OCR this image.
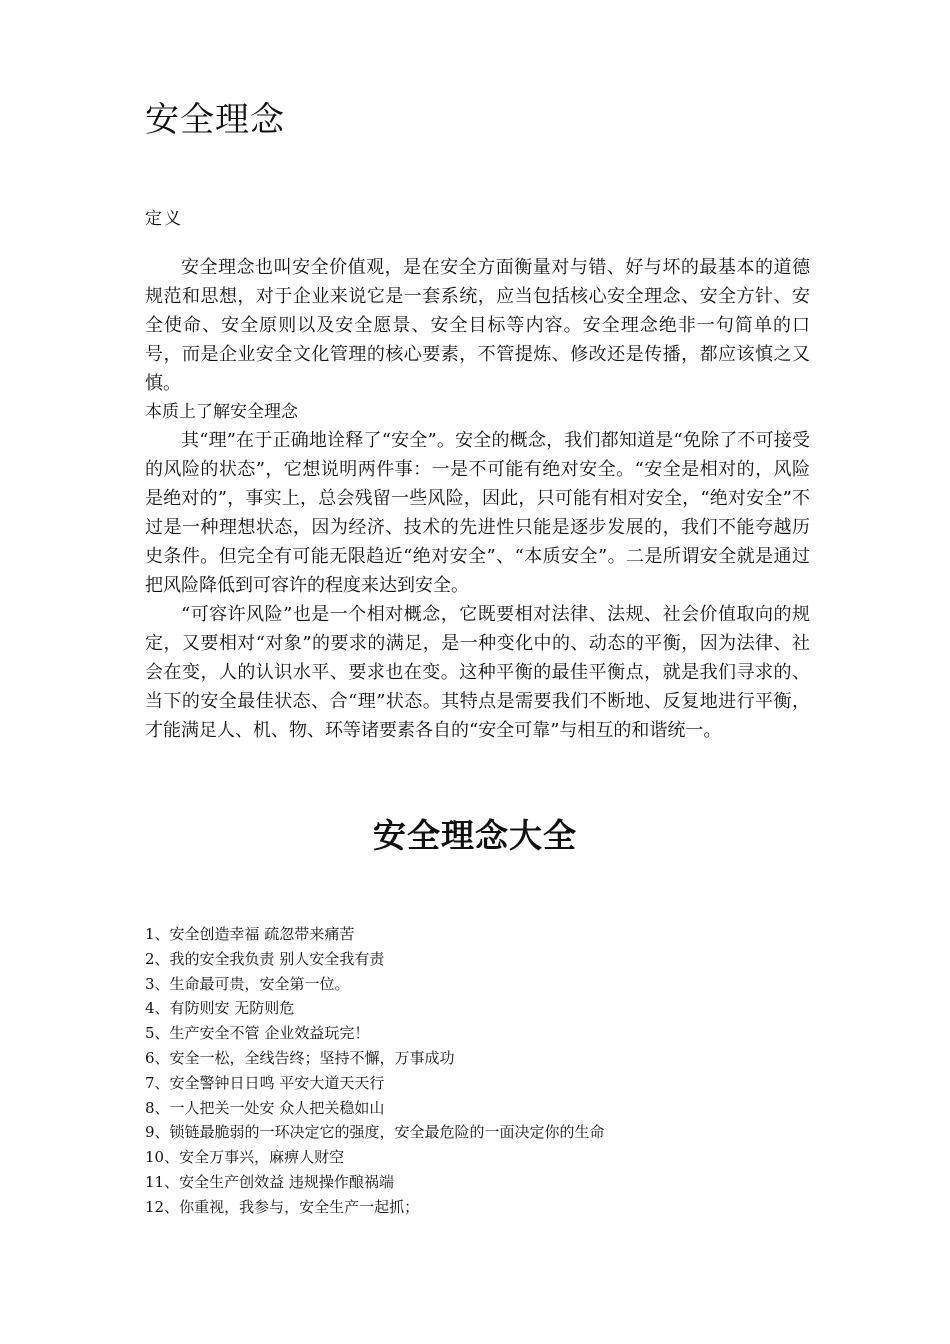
安全理念
定义

安全理念也叫安全价值观，是在安全方面衡量对与错、好与坏的最基本的道德规范和思想，对于企业来说它是一套系统，应当包括核心安全理念、安全方针、安全使命、安全原则以及安全愿景、安全目标等内容。安全理念绝非一句简单的口号，而是企业安全文化管理的核心要素，不管提炼、修改还是传播，都应该慎之又慎。

本质上了解安全理念

其“理”在于正确地诠释了“安全”。安全的概念，我们都知道是“免除了不可接受的风险的状态”，它想说明两件事：一是不可能有绝对安全。“安全是相对的，风险是绝对的”，事实上，总会残留一些风险，因此，只可能有相对安全，“绝对安全”不过是一种理想状态，因为经济、技术的先进性只能是逐步发展的，我们不能夸越历史条件。但完全有可能无限趋近“绝对安全”、“本质安全”。二是所谓安全就是通过把风险降低到可容许的程度来达到安全。

“可容许风险”也是一个相对概念，它既要相对法律、法规、社会价值取向的规定，又要相对“对象”的要求的满足，是一种变化中的、动态的平衡，因为法律、社会在变，人的认识水平、要求也在变。这种平衡的最佳平衡点，就是我们寻求的、当下的安全最佳状态、合“理”状态。其特点是需要我们不断地、反复地进行平衡，才能满足人、机、物、环等诸要素各自的“安全可靠”与相互的和谐统一。

安全理念大全
1、安全创造幸福 疏忽带来痛苦
2、我的安全我负责 别人安全我有责
3、生命最可贵，安全第一位。
4、有防则安 无防则危
5、生产安全不管 企业效益玩完！
6、安全一松，全线告终；坚持不懈，万事成功
7、安全警钟日日鸣 平安大道天天行
8、一人把关一处安 众人把关稳如山
9、锁链最脆弱的一环决定它的强度，安全最危险的一面决定你的生命
10、安全万事兴，麻痹人财空
11、安全生产创效益 违规操作酿祸端
12、你重视，我参与，安全生产一起抓；
